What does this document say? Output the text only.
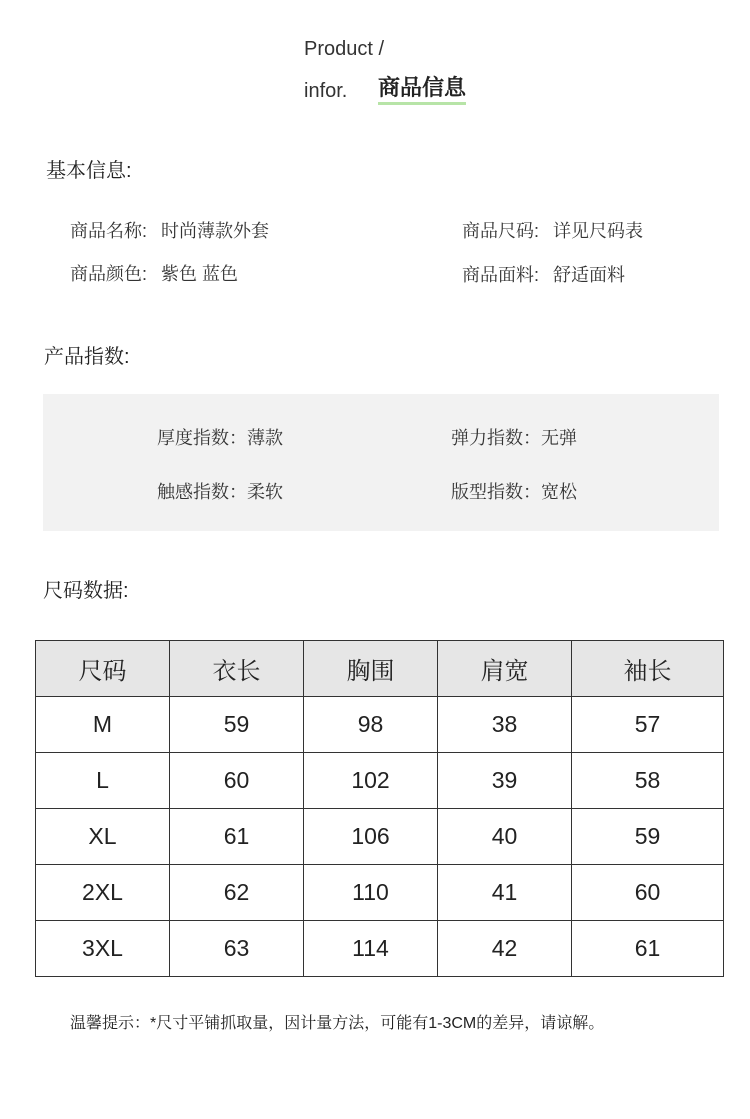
Product /
infor. 商品信息
基本信息:
商品名称: 时尚薄款外套	商品尺码: 详见尺码表
商品颜色: 紫色 蓝色	商品面料: 舒适面料
产品指数:
厚度指数：薄款	弹力指数：无弹
触感指数：柔软	版型指数：宽松
尺码数据:
尺码	衣长	胸围	肩宽	袖长
M	59	98	38	57
L	60	102	39	58
XL	61	106	40	59
2XL	62	110	41	60
3XL	63	114	42	61
温馨提示：*尺寸平铺抓取量，因计量方法，可能有1-3CM的差异，请谅解。
